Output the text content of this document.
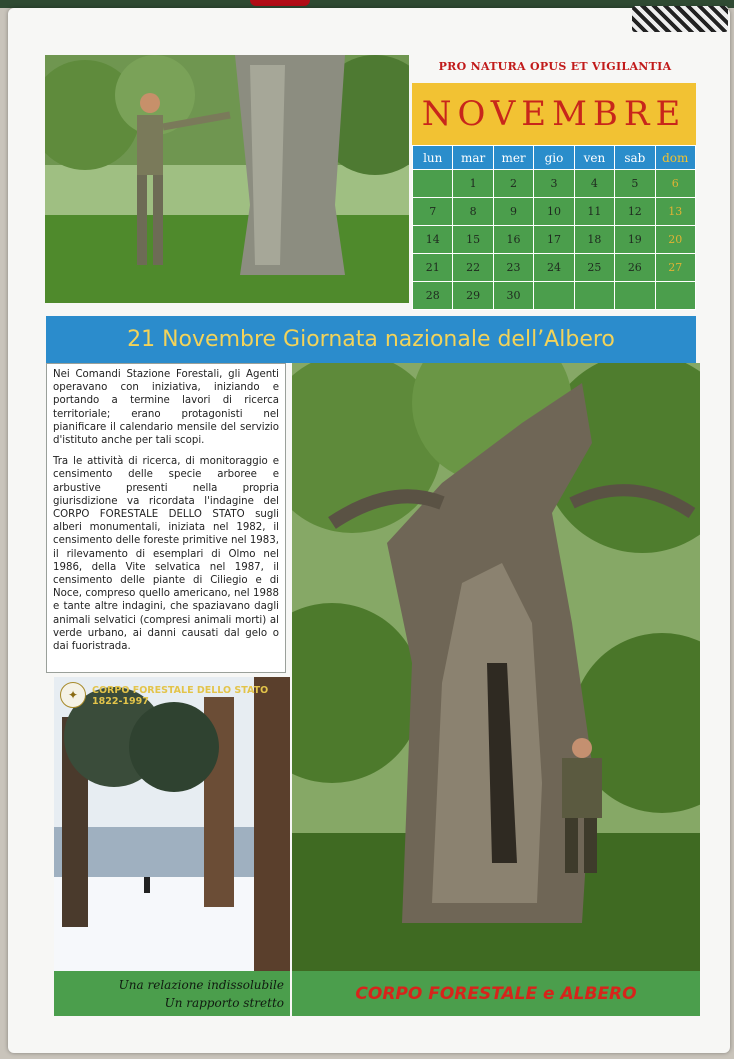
PRO NATURA OPUS ET VIGILANTIA
NOVEMBRE
lun	mar	mer	gio	ven	sab	dom
	1	2	3	4	5	6
7	8	9	10	11	12	13
14	15	16	17	18	19	20
21	22	23	24	25	26	27
28	29	30				
21 Novembre Giornata nazionale dell’Albero

Nei Comandi Stazione Forestali, gli Agenti operavano con iniziativa, iniziando e portando a termine lavori di ricerca territoriale; erano protagonisti nel pianificare il calendario mensile del servizio d'istituto anche per tali scopi.

Tra le attività di ricerca, di monitoraggio e censimento delle specie arboree e arbustive presenti nella propria giurisdizione va ricordata l'indagine del CORPO FORESTALE DELLO STATO sugli alberi monumentali, iniziata nel 1982, il censimento delle foreste primitive nel 1983, il rilevamento di esemplari di Olmo nel 1986, della Vite selvatica nel 1987, il censimento delle piante di Ciliegio e di Noce, compreso quello americano, nel 1988 e tante altre indagini, che spaziavano dagli animali selvatici (compresi animali morti) al verde urbano, ai danni causati dal gelo o dai fuoristrada.

✦	CORPO FORESTALE DELLO STATO
1822-1997
Una relazione indissolubile
Un rapporto stretto	CORPO FORESTALE e ALBERO
